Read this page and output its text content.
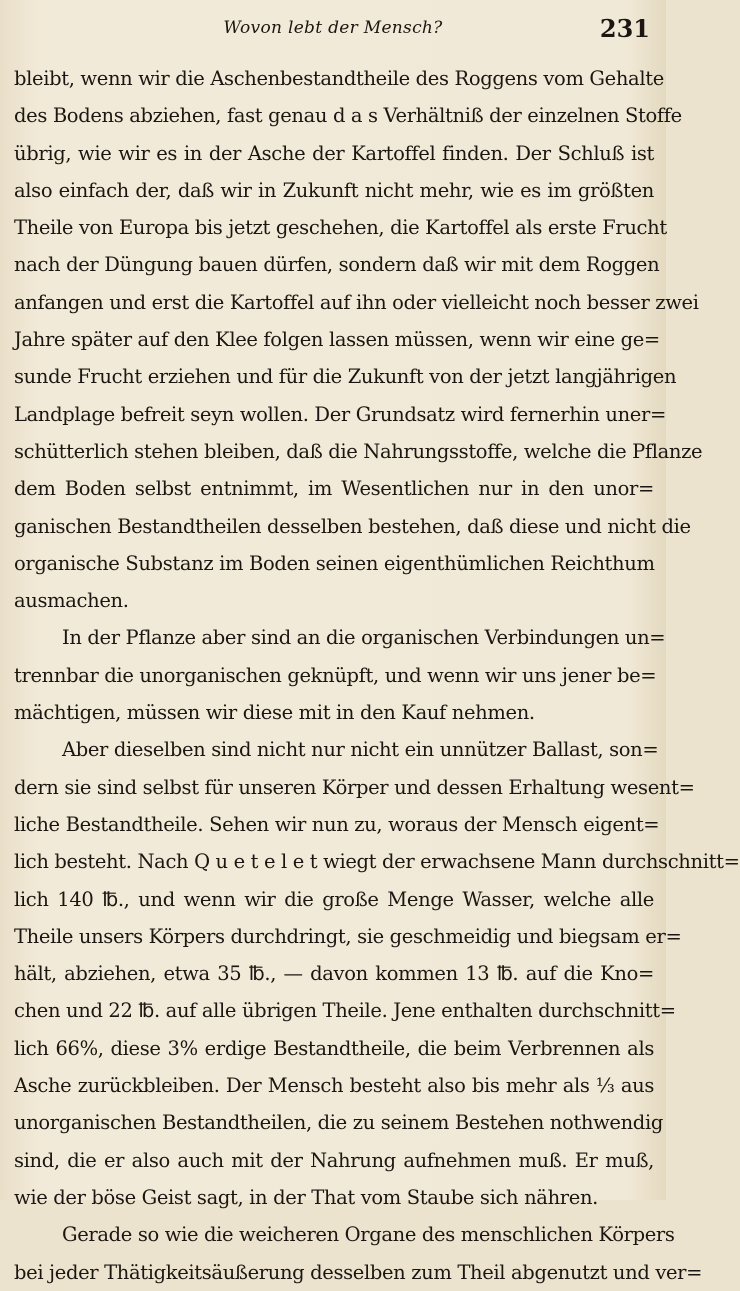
Wovon lebt der Mensch?	231
bleibt, wenn wir die Aschenbestandtheile des Roggens vom Gehalte
des Bodens abziehen, fast genau d a s Verhältniß der einzelnen Stoffe
übrig, wie wir es in der Asche der Kartoffel finden. Der Schluß ist
also einfach der, daß wir in Zukunft nicht mehr, wie es im größten
Theile von Europa bis jetzt geschehen, die Kartoffel als erste Frucht
nach der Düngung bauen dürfen, sondern daß wir mit dem Roggen
anfangen und erst die Kartoffel auf ihn oder vielleicht noch besser zwei
Jahre später auf den Klee folgen lassen müssen, wenn wir eine ge=
sunde Frucht erziehen und für die Zukunft von der jetzt langjährigen
Landplage befreit seyn wollen. Der Grundsatz wird fernerhin uner=
schütterlich stehen bleiben, daß die Nahrungsstoffe, welche die Pflanze
dem Boden selbst entnimmt, im Wesentlichen nur in den unor=
ganischen Bestandtheilen desselben bestehen, daß diese und nicht die
organische Substanz im Boden seinen eigenthümlichen Reichthum
ausmachen.
In der Pflanze aber sind an die organischen Verbindungen un=
trennbar die unorganischen geknüpft, und wenn wir uns jener be=
mächtigen, müssen wir diese mit in den Kauf nehmen.
Aber dieselben sind nicht nur nicht ein unnützer Ballast, son=
dern sie sind selbst für unseren Körper und dessen Erhaltung wesent=
liche Bestandtheile. Sehen wir nun zu, woraus der Mensch eigent=
lich besteht. Nach Q u e t e l e t wiegt der erwachsene Mann durchschnitt=
lich 140 ℔., und wenn wir die große Menge Wasser, welche alle
Theile unsers Körpers durchdringt, sie geschmeidig und biegsam er=
hält, abziehen, etwa 35 ℔., — davon kommen 13 ℔. auf die Kno=
chen und 22 ℔. auf alle übrigen Theile. Jene enthalten durchschnitt=
lich 66%, diese 3% erdige Bestandtheile, die beim Verbrennen als
Asche zurückbleiben. Der Mensch besteht also bis mehr als ⅓ aus
unorganischen Bestandtheilen, die zu seinem Bestehen nothwendig
sind, die er also auch mit der Nahrung aufnehmen muß. Er muß,
wie der böse Geist sagt, in der That vom Staube sich nähren.
Gerade so wie die weicheren Organe des menschlichen Körpers
bei jeder Thätigkeitsäußerung desselben zum Theil abgenutzt und ver=
